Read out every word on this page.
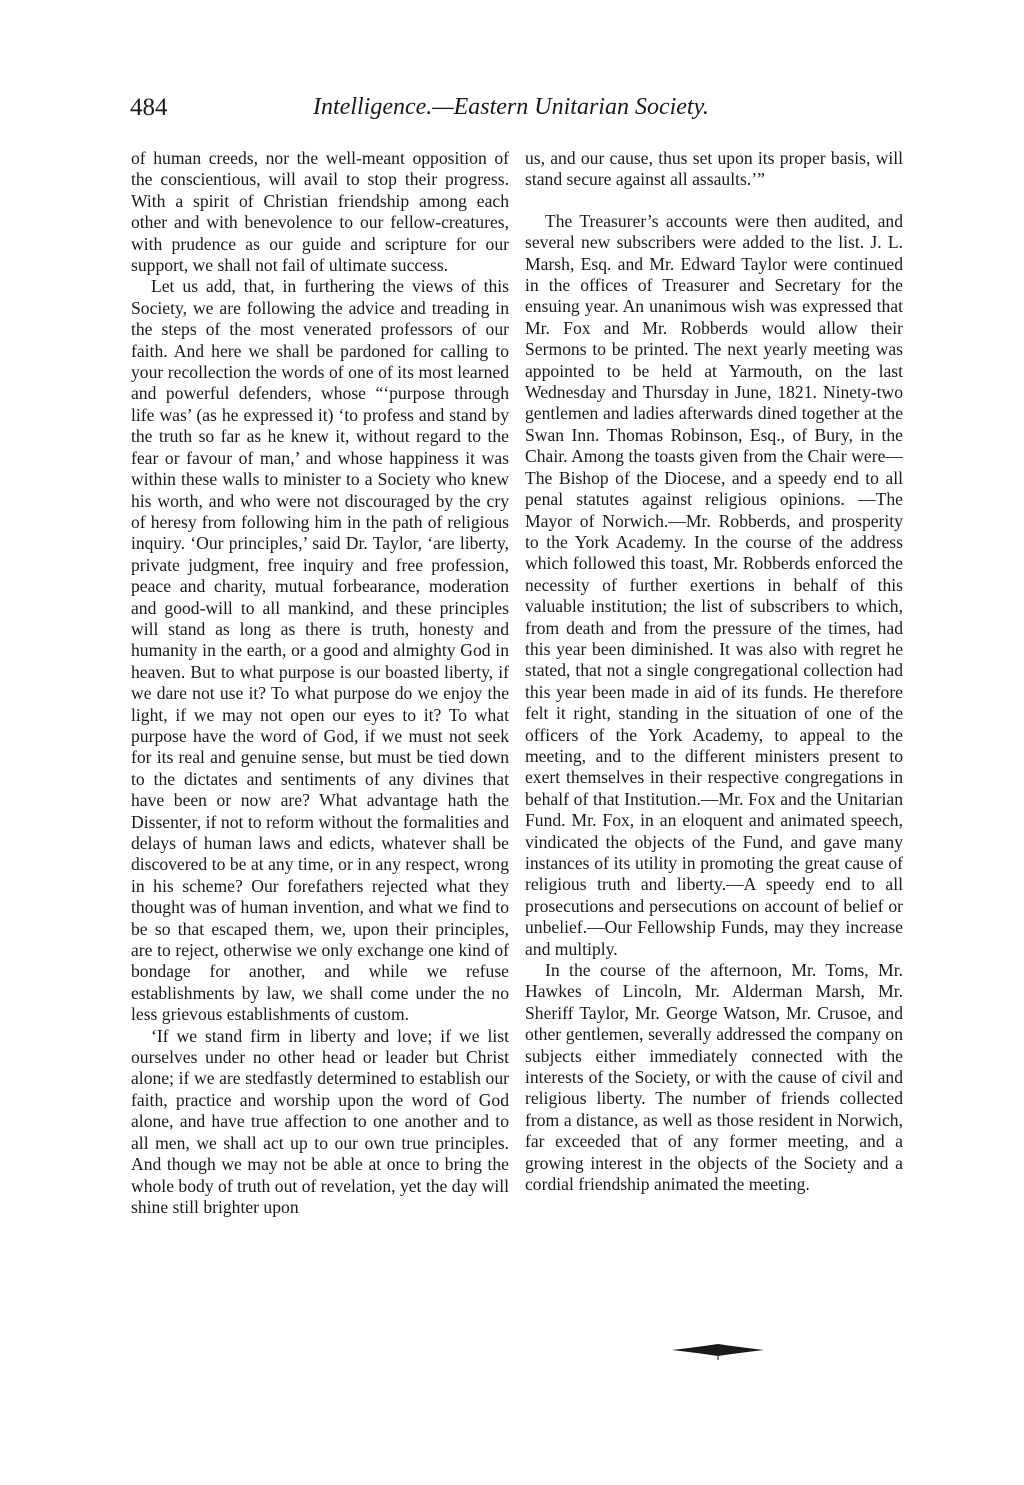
484	Intelligence.—Eastern Unitarian Society.

of human creeds, nor the well-meant opposition of the conscientious, will avail to stop their progress. With a spirit of Christian friendship among each other and with benevolence to our fellow-creatures, with prudence as our guide and scripture for our support, we shall not fail of ultimate success.

Let us add, that, in furthering the views of this Society, we are following the advice and treading in the steps of the most venerated professors of our faith. And here we shall be pardoned for calling to your recollection the words of one of its most learned and powerful defenders, whose “‘purpose through life was’ (as he expressed it) ‘to profess and stand by the truth so far as he knew it, without regard to the fear or favour of man,’ and whose happiness it was within these walls to minister to a Society who knew his worth, and who were not discouraged by the cry of heresy from following him in the path of religious inquiry. ‘Our principles,’ said Dr. Taylor, ‘are liberty, private judgment, free inquiry and free profession, peace and charity, mutual forbearance, moderation and good-will to all mankind, and these principles will stand as long as there is truth, honesty and humanity in the earth, or a good and almighty God in heaven. But to what purpose is our boasted liberty, if we dare not use it? To what purpose do we enjoy the light, if we may not open our eyes to it? To what purpose have the word of God, if we must not seek for its real and genuine sense, but must be tied down to the dictates and sentiments of any divines that have been or now are? What advantage hath the Dissenter, if not to reform without the formalities and delays of human laws and edicts, whatever shall be discovered to be at any time, or in any respect, wrong in his scheme? Our forefathers rejected what they thought was of human invention, and what we find to be so that escaped them, we, upon their principles, are to reject, otherwise we only exchange one kind of bondage for another, and while we refuse establishments by law, we shall come under the no less grievous establishments of custom.

‘If we stand firm in liberty and love; if we list ourselves under no other head or leader but Christ alone; if we are stedfastly determined to establish our faith, practice and worship upon the word of God alone, and have true affection to one another and to all men, we shall act up to our own true principles. And though we may not be able at once to bring the whole body of truth out of revelation, yet the day will shine still brighter upon

us, and our cause, thus set upon its proper basis, will stand secure against all assaults.’”

The Treasurer’s accounts were then audited, and several new subscribers were added to the list. J. L. Marsh, Esq. and Mr. Edward Taylor were continued in the offices of Treasurer and Secretary for the ensuing year. An unanimous wish was expressed that Mr. Fox and Mr. Robberds would allow their Sermons to be printed. The next yearly meeting was appointed to be held at Yarmouth, on the last Wednesday and Thursday in June, 1821. Ninety-two gentlemen and ladies afterwards dined together at the Swan Inn. Thomas Robinson, Esq., of Bury, in the Chair. Among the toasts given from the Chair were—The Bishop of the Diocese, and a speedy end to all penal statutes against religious opinions. —The Mayor of Norwich.—Mr. Robberds, and prosperity to the York Academy. In the course of the address which followed this toast, Mr. Robberds enforced the necessity of further exertions in behalf of this valuable institution; the list of subscribers to which, from death and from the pressure of the times, had this year been diminished. It was also with regret he stated, that not a single congregational collection had this year been made in aid of its funds. He therefore felt it right, standing in the situation of one of the officers of the York Academy, to appeal to the meeting, and to the different ministers present to exert themselves in their respective congregations in behalf of that Institution.—Mr. Fox and the Unitarian Fund. Mr. Fox, in an eloquent and animated speech, vindicated the objects of the Fund, and gave many instances of its utility in promoting the great cause of religious truth and liberty.—A speedy end to all prosecutions and persecutions on account of belief or unbelief.—Our Fellowship Funds, may they increase and multiply.

In the course of the afternoon, Mr. Toms, Mr. Hawkes of Lincoln, Mr. Alderman Marsh, Mr. Sheriff Taylor, Mr. George Watson, Mr. Crusoe, and other gentlemen, severally addressed the company on subjects either immediately connected with the interests of the Society, or with the cause of civil and religious liberty. The number of friends collected from a distance, as well as those resident in Norwich, far exceeded that of any former meeting, and a growing interest in the objects of the Society and a cordial friendship animated the meeting.
